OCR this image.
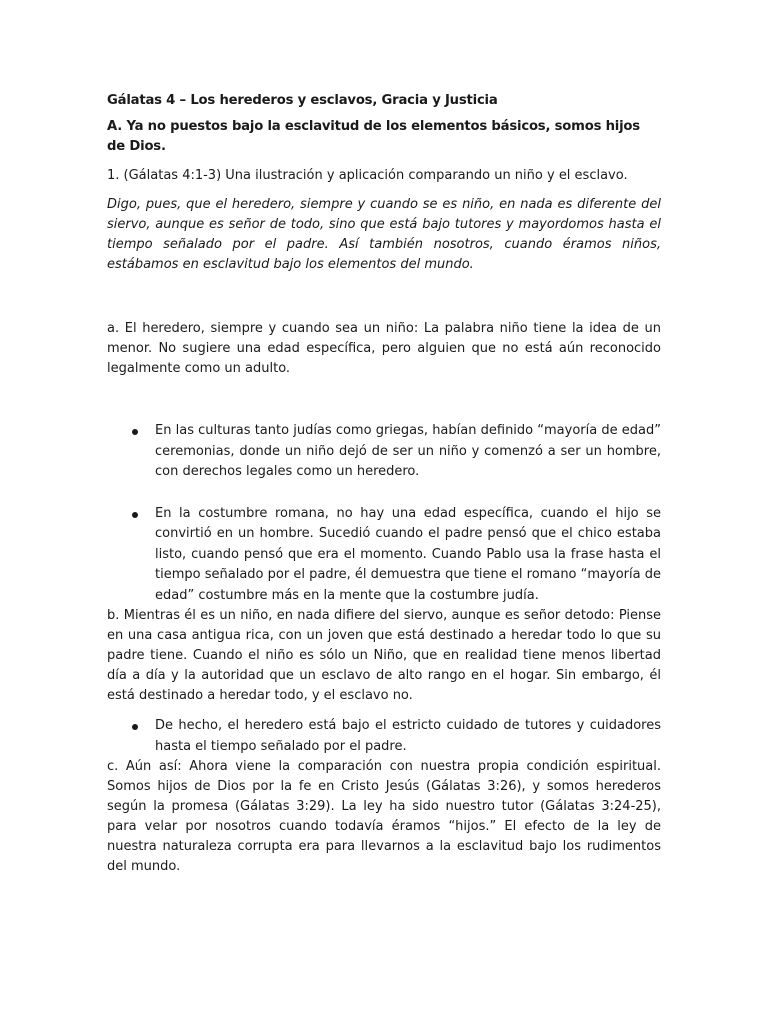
Gálatas 4 – Los herederos y esclavos, Gracia y Justicia
A. Ya no puestos bajo la esclavitud de los elementos básicos, somos hijos de Dios.

1. (Gálatas 4:1-3) Una ilustración y aplicación comparando un niño y el esclavo.

Digo, pues, que el heredero, siempre y cuando se es niño, en nada es diferente del siervo, aunque es señor de todo, sino que está bajo tutores y mayordomos hasta el tiempo señalado por el padre. Así también nosotros, cuando éramos niños, estábamos en esclavitud bajo los elementos del mundo.

a. El heredero, siempre y cuando sea un niño: La palabra niño tiene la idea de un menor. No sugiere una edad específica, pero alguien que no está aún reconocido legalmente como un adulto.

En las culturas tanto judías como griegas, habían definido “mayoría de edad” ceremonias, donde un niño dejó de ser un niño y comenzó a ser un hombre, con derechos legales como un heredero.
En la costumbre romana, no hay una edad específica, cuando el hijo se convirtió en un hombre. Sucedió cuando el padre pensó que el chico estaba listo, cuando pensó que era el momento. Cuando Pablo usa la frase hasta el tiempo señalado por el padre, él demuestra que tiene el romano “mayoría de edad” costumbre más en la mente que la costumbre judía.

b. Mientras él es un niño, en nada difiere del siervo, aunque es señor detodo: Piense en una casa antigua rica, con un joven que está destinado a heredar todo lo que su padre tiene. Cuando el niño es sólo un Niño, que en realidad tiene menos libertad día a día y la autoridad que un esclavo de alto rango en el hogar. Sin embargo, él está destinado a heredar todo, y el esclavo no.

De hecho, el heredero está bajo el estricto cuidado de tutores y cuidadores hasta el tiempo señalado por el padre.

c. Aún así: Ahora viene la comparación con nuestra propia condición espiritual. Somos hijos de Dios por la fe en Cristo Jesús (Gálatas 3:26), y somos herederos según la promesa (Gálatas 3:29). La ley ha sido nuestro tutor (Gálatas 3:24-25), para velar por nosotros cuando todavía éramos “hijos.” El efecto de la ley de nuestra naturaleza corrupta era para llevarnos a la esclavitud bajo los rudimentos del mundo.
